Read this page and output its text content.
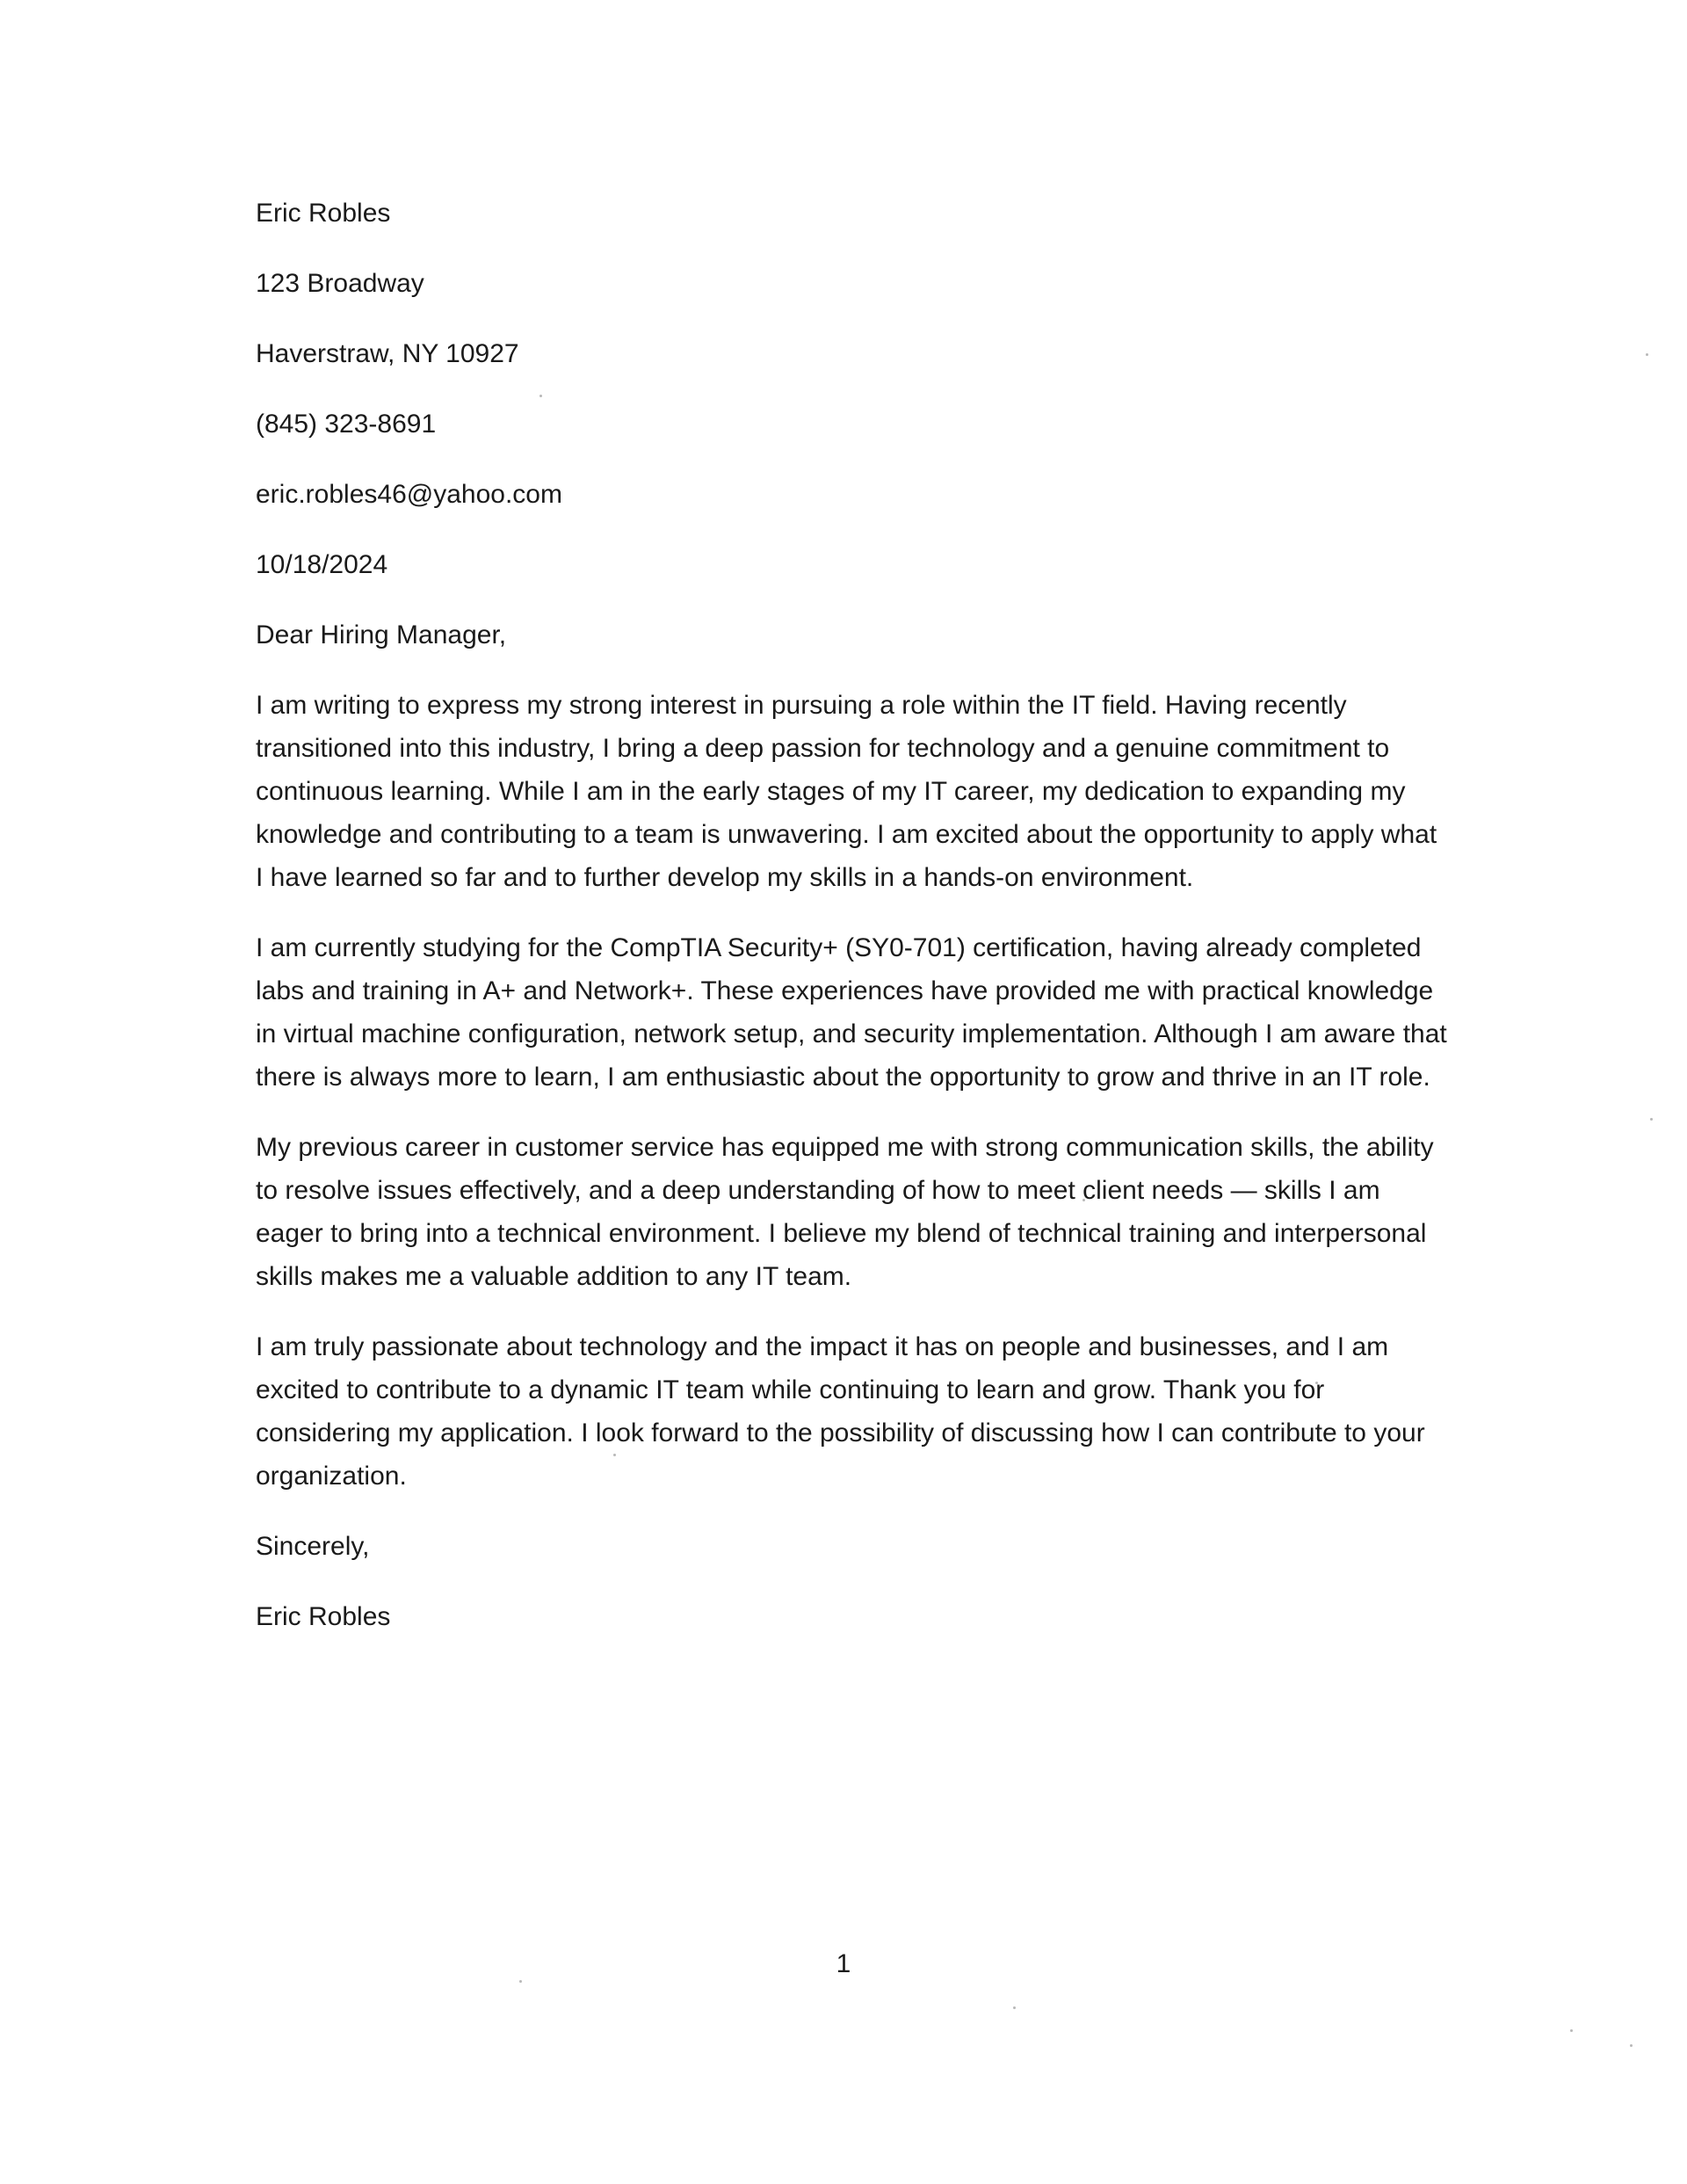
Eric Robles
123 Broadway
Haverstraw, NY 10927
(845) 323-8691
eric.robles46@yahoo.com
10/18/2024
Dear Hiring Manager,

I am writing to express my strong interest in pursuing a role within the IT field. Having recently transitioned into this industry, I bring a deep passion for technology and a genuine commitment to continuous learning. While I am in the early stages of my IT career, my dedication to expanding my knowledge and contributing to a team is unwavering. I am excited about the opportunity to apply what I have learned so far and to further develop my skills in a hands-on environment.

I am currently studying for the CompTIA Security+ (SY0-701) certification, having already completed labs and training in A+ and Network+. These experiences have provided me with practical knowledge in virtual machine configuration, network setup, and security implementation. Although I am aware that there is always more to learn, I am enthusiastic about the opportunity to grow and thrive in an IT role.

My previous career in customer service has equipped me with strong communication skills, the ability to resolve issues effectively, and a deep understanding of how to meet client needs — skills I am eager to bring into a technical environment. I believe my blend of technical training and interpersonal skills makes me a valuable addition to any IT team.

I am truly passionate about technology and the impact it has on people and businesses, and I am excited to contribute to a dynamic IT team while continuing to learn and grow. Thank you for considering my application. I look forward to the possibility of discussing how I can contribute to your organization.

Sincerely,
Eric Robles
1
